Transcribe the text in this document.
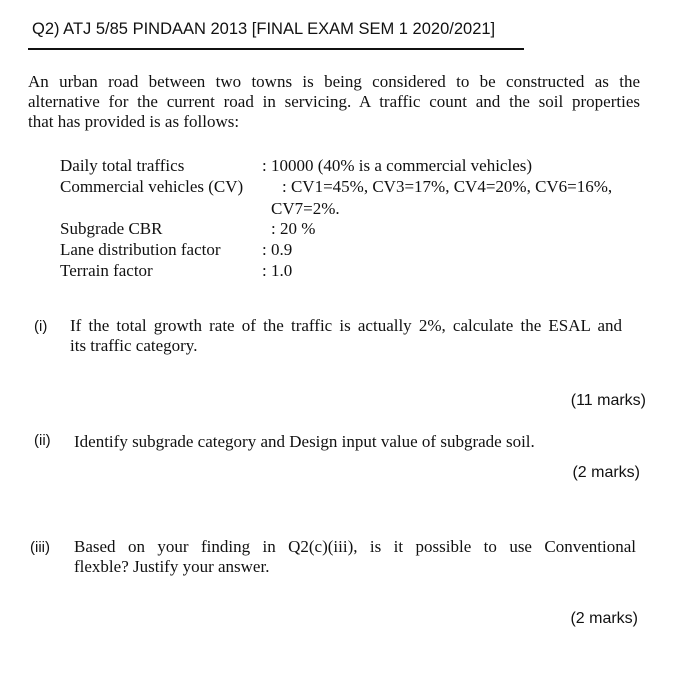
Q2) ATJ 5/85 PINDAAN 2013 [FINAL EXAM SEM 1 2020/2021]
An urban road between two towns is being considered to be constructed as the
alternative for the current road in servicing. A traffic count and the soil properties
that has provided is as follows:
Daily total traffics	: 10000 (40% is a commercial vehicles)
Commercial vehicles (CV) : CV1=45%, CV3=17%, CV4=20%, CV6=16%,
CV7=2%.
Subgrade CBR	: 20 %
Lane distribution factor : 0.9
Terrain factor	: 1.0
(i) If the total growth rate of the traffic is actually 2%, calculate the ESAL and
its traffic category.
(11 marks)
(ii) Identify subgrade category and Design input value of subgrade soil.
(2 marks)
(iii) Based on your finding in Q2(c)(iii), is it possible to use Conventional
flexble? Justify your answer.
(2 marks)
